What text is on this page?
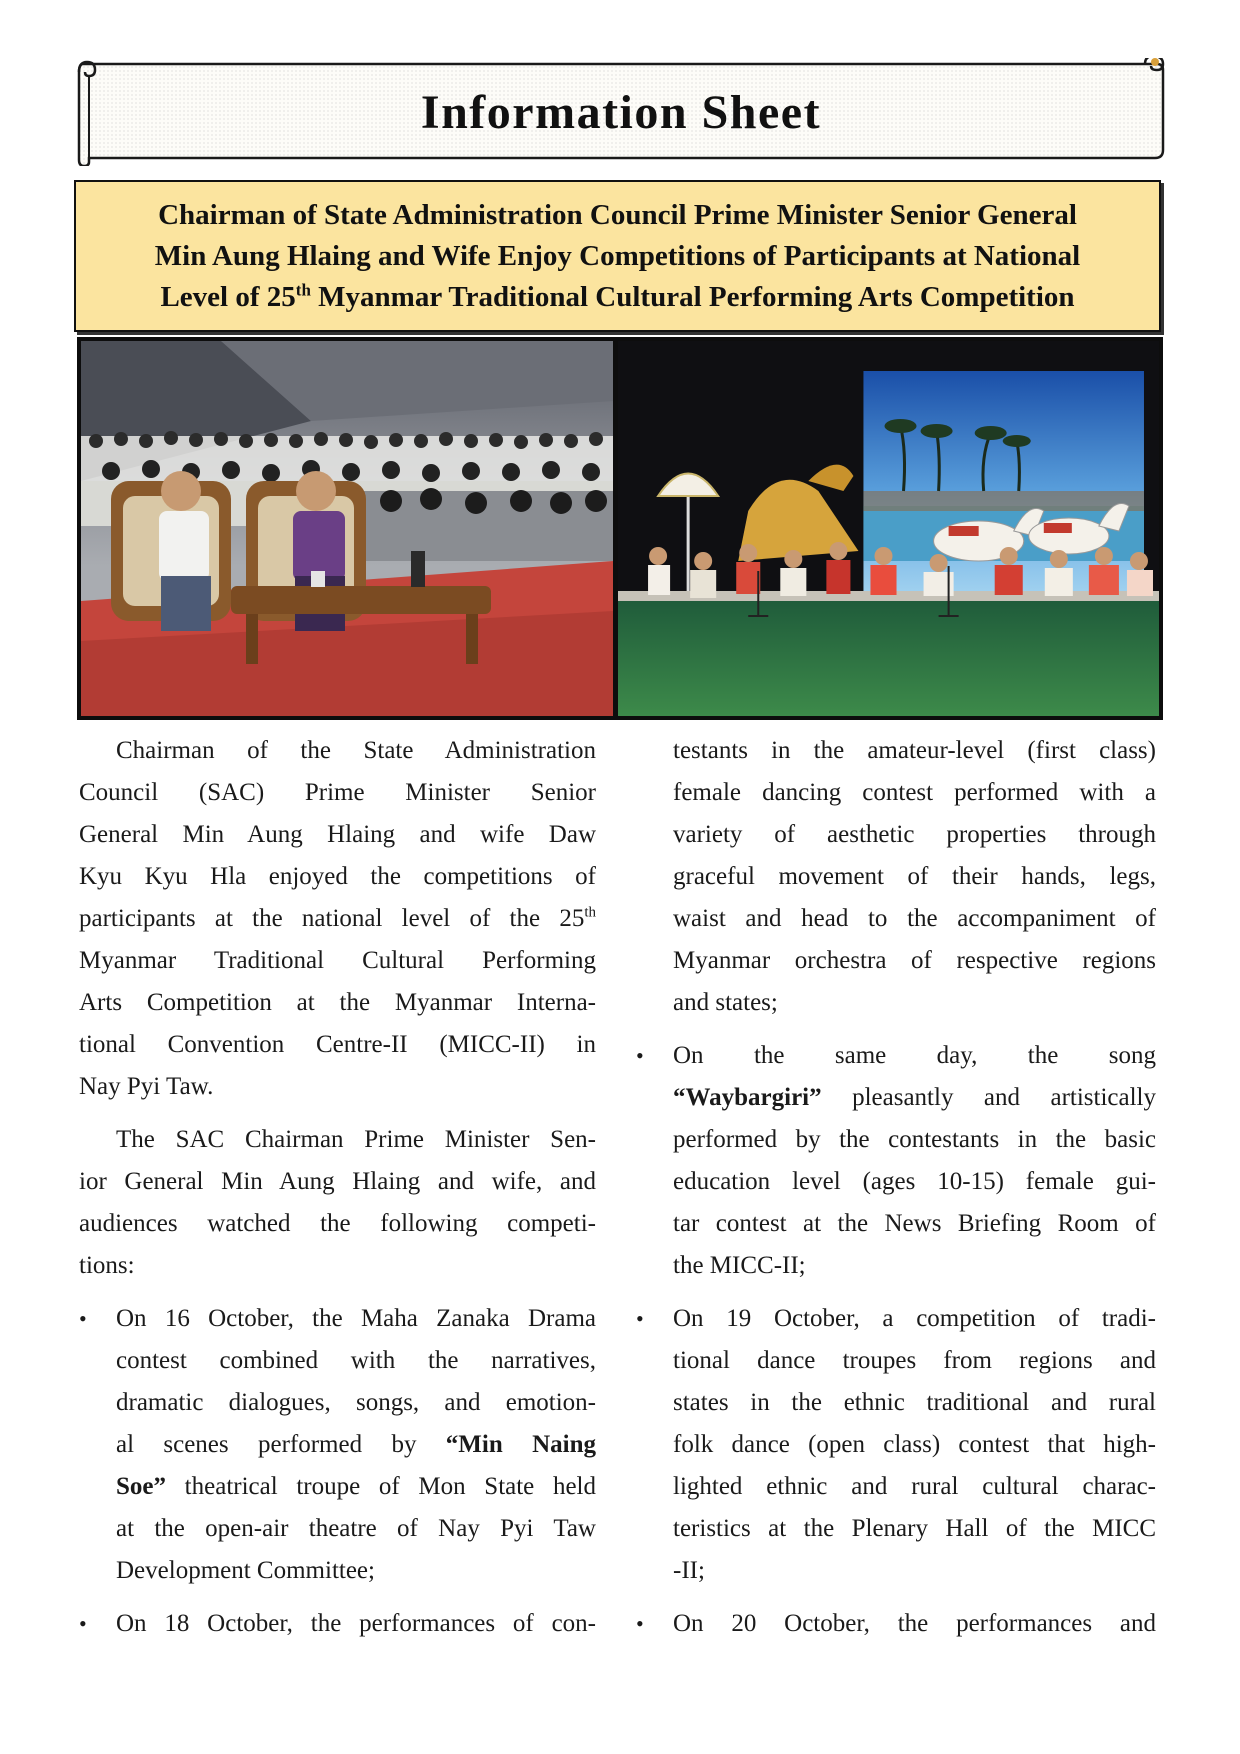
Information Sheet
Chairman of State Administration Council Prime Minister Senior General
Min Aung Hlaing and Wife Enjoy Competitions of Participants at National
Level of 25th Myanmar Traditional Cultural Performing Arts Competition
Chairman of the State Administration
Council (SAC) Prime Minister Senior
General Min Aung Hlaing and wife Daw
Kyu Kyu Hla enjoyed the competitions of
participants at the national level of the 25th
Myanmar Traditional Cultural Performing
Arts Competition at the Myanmar Interna-
tional Convention Centre-II (MICC-II) in
Nay Pyi Taw.
The SAC Chairman Prime Minister Sen-
ior General Min Aung Hlaing and wife, and
audiences watched the following competi-
tions:
•	On 16 October, the Maha Zanaka Drama
contest combined with the narratives,
dramatic dialogues, songs, and emotion-
al scenes performed by “Min Naing
Soe” theatrical troupe of Mon State held
at the open-air theatre of Nay Pyi Taw
Development Committee;
•	On 18 October, the performances of con-
testants in the amateur-level (first class)
female dancing contest performed with a
variety of aesthetic properties through
graceful movement of their hands, legs,
waist and head to the accompaniment of
Myanmar orchestra of respective regions
and states;
•	On the same day, the song
“Waybargiri” pleasantly and artistically
performed by the contestants in the basic
education level (ages 10-15) female gui-
tar contest at the News Briefing Room of
the MICC-II;
•	On 19 October, a competition of tradi-
tional dance troupes from regions and
states in the ethnic traditional and rural
folk dance (open class) contest that high-
lighted ethnic and rural cultural charac-
teristics at the Plenary Hall of the MICC
-II;
•	On 20 October, the performances and
